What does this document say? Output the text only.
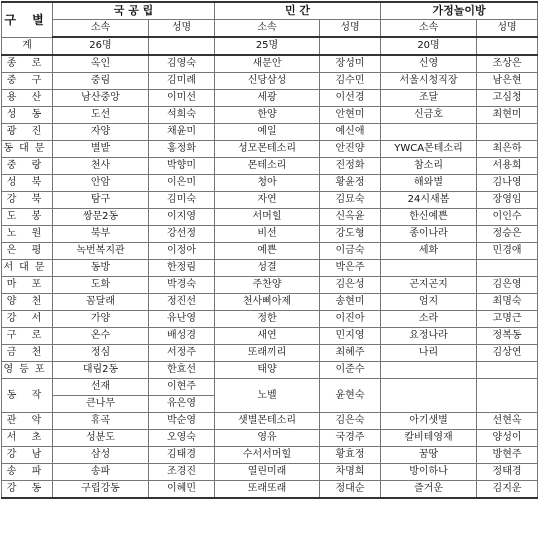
구 별	국 공 립		민 간		가정놀이방	
	소속	성명	소속	성명	소속	성명
계	26명		25명		20명	
종 로	옥인	김영숙	새문안	장성미	신영	조상은
중 구	중림	김미례	신당삼성	김수민	서울시청직장	남은현
용 산	남산중앙	이미선	세광	이선경	조달	고심청
성 동	도선	석희숙	한양	안현미	신금호	최현미
광 진	자양	채윤미	예일	예신애		
동대문	별밭	홍정화	성모몬테소리	안진양	YWCA몬테소리	최은하
중 랑	천사	박향미	몬테소리	진정화	참소리	서용희
성 북	안암	이은미	청아	황윤정	해와별	김나영
강 북	탐구	김미숙	자연	김묘숙	24시새봄	장영임
도 봉	쌍문2동	이지영	서머힐	신옥윤	한신예쁜	이인수
노 원	북부	강선정	비선	강도형	종이나라	정승은
은 평	녹번복지관	이정아	예쁜	이금숙	세화	민경애
서대문	동방	한정림	성결	박은주		
마 포	도화	박경숙	주찬양	김은성	곤지곤지	김은영
양 천	꼼달래	정진선	천사삐아제	송현미	엄지	최명숙
강 서	가양	유난영	정한	이진아	소라	고명근
구 로	온수	배성경	새연	민지영	요정나라	정복동
금 천	정심	서정주	또래끼리	최혜주	나리	김상연
영등포	대림2동	한효선	태양	이준수		
동 작	선재	이현주	노벨	윤현숙		
	큰나무	유은영				
관 악	휴곡	박순영	샛별몬테소리	김은숙	아기샛별	선현옥
서 초	성분도	오영숙	영유	국경주	칼비테영재	양성이
강 남	삼성	김태경	수서서머힐	황효정	꿈땅	방현주
송 파	송파	조경진	열린미래	차명희	방이하나	정태경
강 동	구립강동	이혜민	또래또래	정대순	즐거운	김지운
